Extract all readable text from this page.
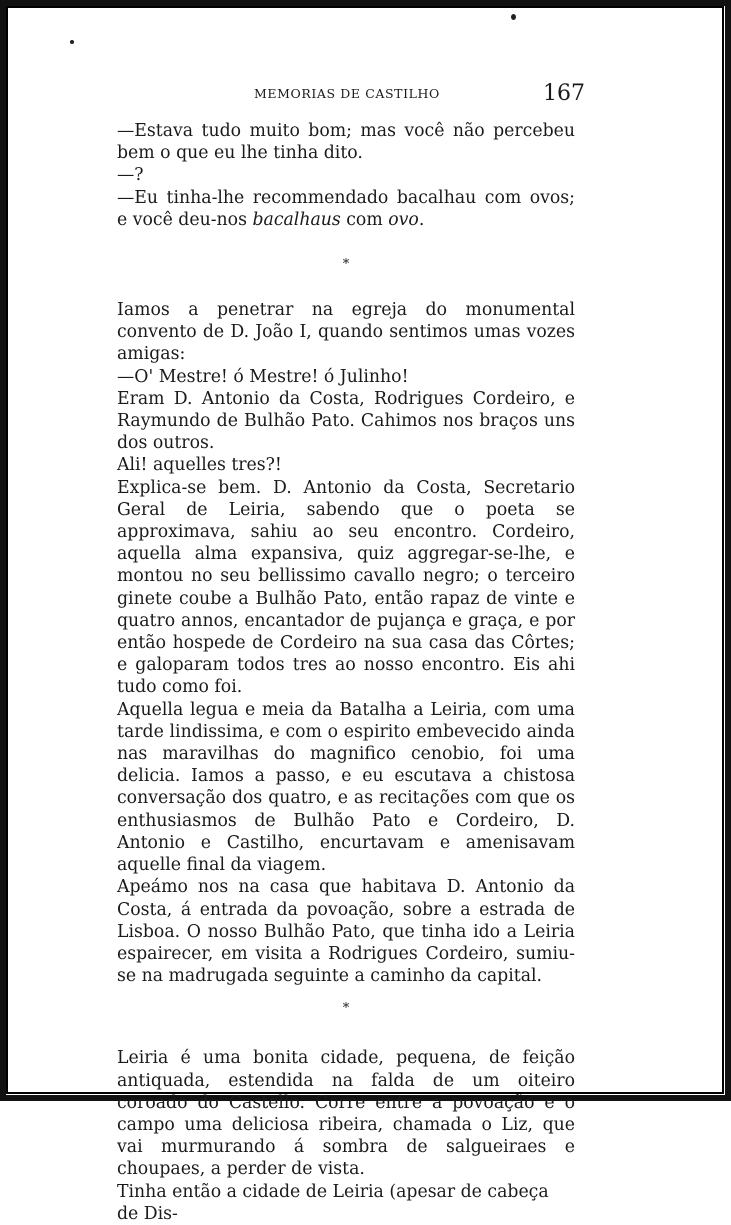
MEMORIAS DE CASTILHO	167

—Estava tudo muito bom; mas você não percebeu bem o que eu lhe tinha dito.

—?

—Eu tinha-lhe recommendado bacalhau com ovos; e você deu-nos bacalhaus com ovo.

*

Iamos a penetrar na egreja do monumental convento de D. João I, quando sentimos umas vozes amigas:

—O' Mestre! ó Mestre! ó Julinho!

Eram D. Antonio da Costa, Rodrigues Cordeiro, e Raymundo de Bulhão Pato. Cahimos nos braços uns dos outros.

Ali! aquelles tres?!

Explica-se bem. D. Antonio da Costa, Secretario Geral de Leiria, sabendo que o poeta se approximava, sahiu ao seu encontro. Cordeiro, aquella alma expansiva, quiz aggregar-se-lhe, e montou no seu bellissimo cavallo negro; o terceiro ginete coube a Bulhão Pato, então rapaz de vinte e quatro annos, encantador de pujança e graça, e por então hospede de Cordeiro na sua casa das Côrtes; e galoparam todos tres ao nosso encontro. Eis ahi tudo como foi.

Aquella legua e meia da Batalha a Leiria, com uma tarde lindissima, e com o espirito embevecido ainda nas maravilhas do magnifico cenobio, foi uma delicia. Iamos a passo, e eu escutava a chistosa conversação dos quatro, e as recitações com que os enthusiasmos de Bulhão Pato e Cordeiro, D. Antonio e Castilho, encurtavam e amenisavam aquelle final da viagem.

Apeámo nos na casa que habitava D. Antonio da Costa, á entrada da povoação, sobre a estrada de Lisboa. O nosso Bulhão Pato, que tinha ido a Leiria espairecer, em visita a Rodrigues Cordeiro, sumiu-se na madrugada seguinte a caminho da capital.

*

Leiria é uma bonita cidade, pequena, de feição antiquada, estendida na falda de um oiteiro coroado do Castello. Corre entre a povoação e o campo uma deliciosa ribeira, chamada o Liz, que vai murmurando á sombra de salgueiraes e choupaes, a perder de vista.

Tinha então a cidade de Leiria (apesar de cabeça de Dis-
